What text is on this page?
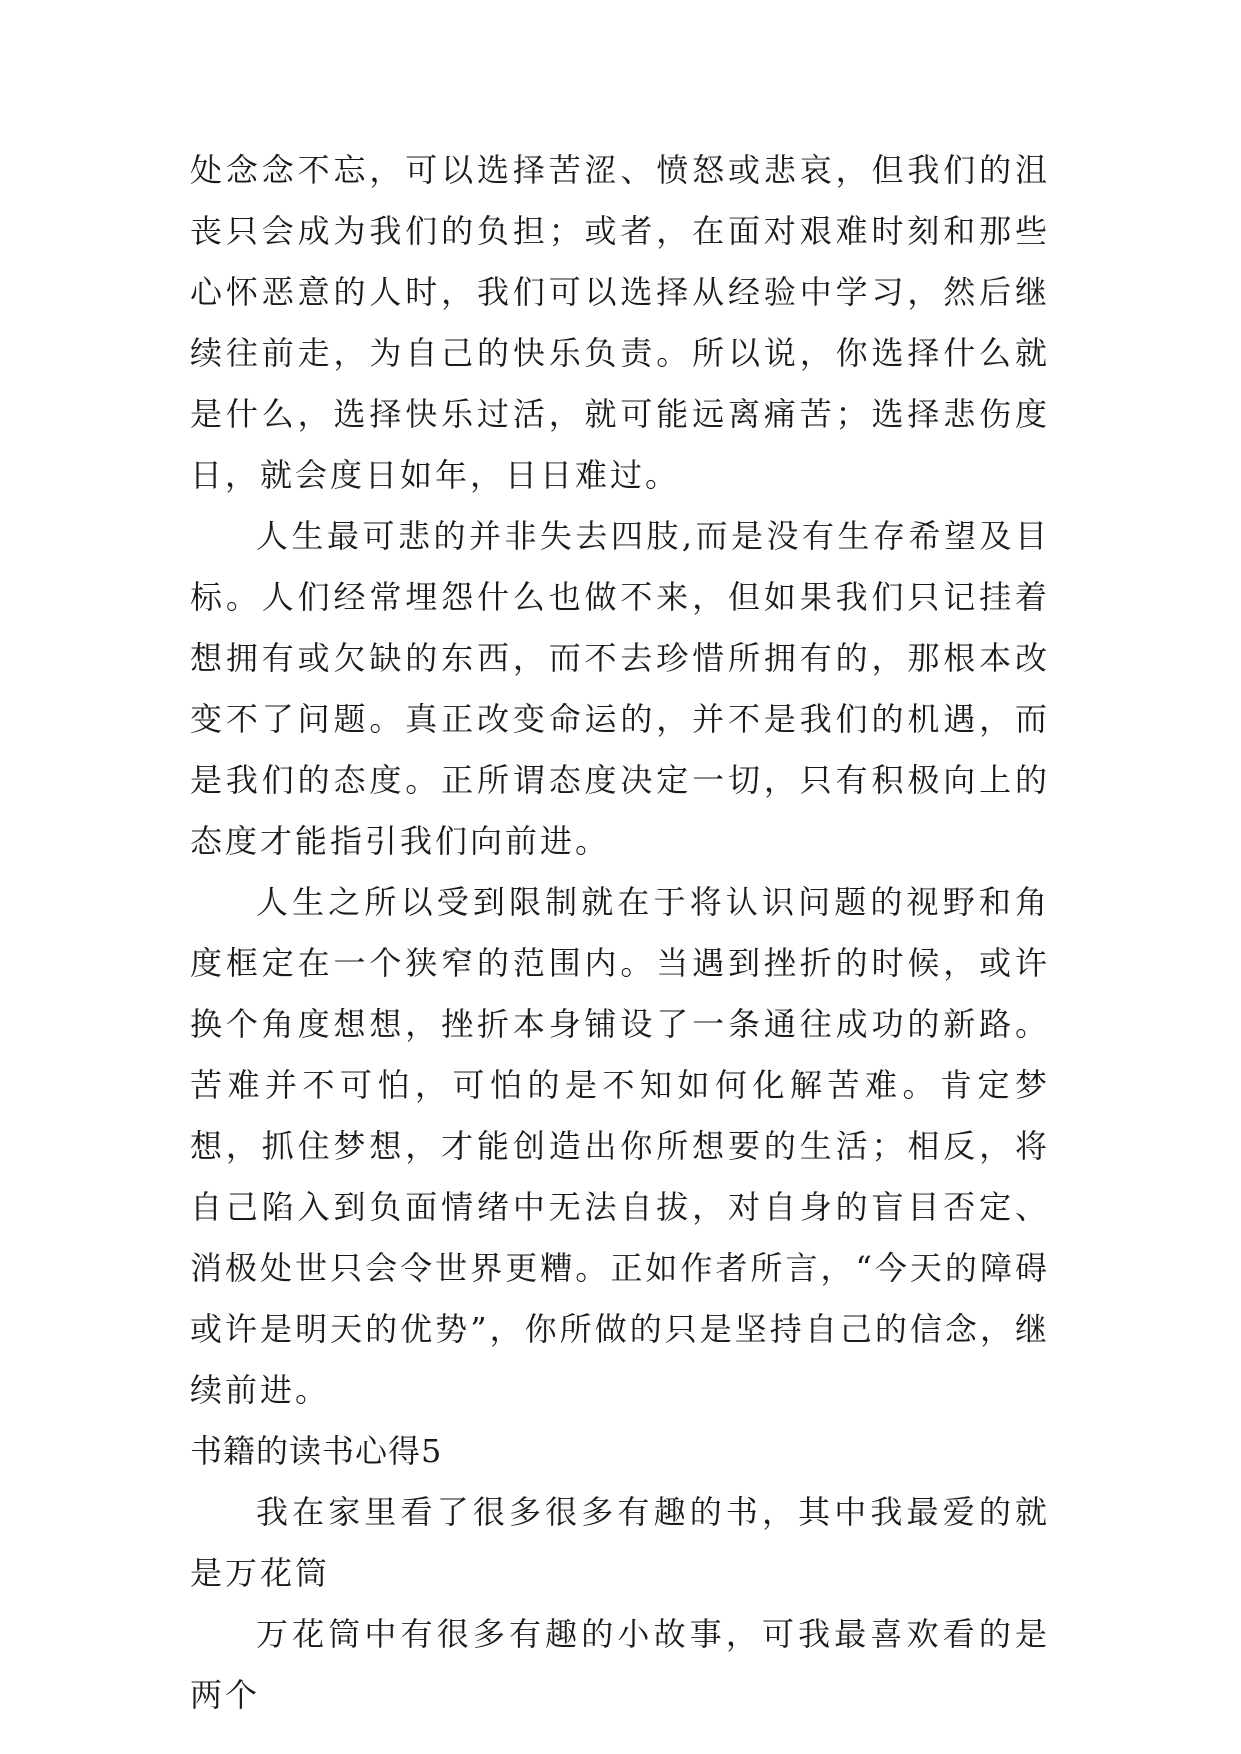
处念念不忘，可以选择苦涩、愤怒或悲哀，但我们的沮丧只会成为我们的负担；或者，在面对艰难时刻和那些心怀恶意的人时，我们可以选择从经验中学习，然后继续往前走，为自己的快乐负责。所以说，你选择什么就是什么，选择快乐过活，就可能远离痛苦；选择悲伤度日，就会度日如年，日日难过。

人生最可悲的并非失去四肢,而是没有生存希望及目标。人们经常埋怨什么也做不来，但如果我们只记挂着想拥有或欠缺的东西，而不去珍惜所拥有的，那根本改变不了问题。真正改变命运的，并不是我们的机遇，而是我们的态度。正所谓态度决定一切，只有积极向上的态度才能指引我们向前进。

人生之所以受到限制就在于将认识问题的视野和角度框定在一个狭窄的范围内。当遇到挫折的时候，或许换个角度想想，挫折本身铺设了一条通往成功的新路。苦难并不可怕，可怕的是不知如何化解苦难。肯定梦想，抓住梦想，才能创造出你所想要的生活；相反，将自己陷入到负面情绪中无法自拔，对自身的盲目否定、消极处世只会令世界更糟。正如作者所言，“今天的障碍或许是明天的优势”，你所做的只是坚持自己的信念，继续前进。

书籍的读书心得5

我在家里看了很多很多有趣的书，其中我最爱的就是万花筒

万花筒中有很多有趣的小故事，可我最喜欢看的是两个
